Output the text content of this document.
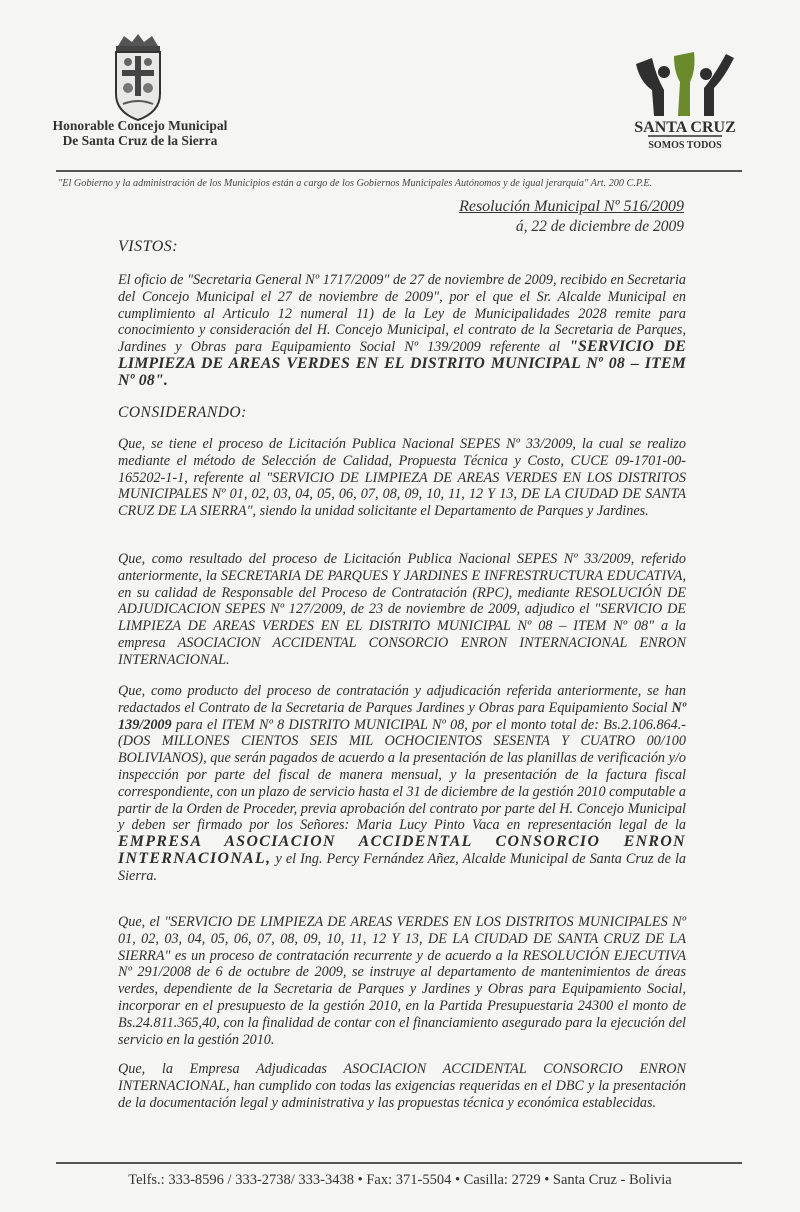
Honorable Concejo Municipal
De Santa Cruz de la Sierra
SANTA CRUZ
SOMOS TODOS
"El Gobierno y la administración de los Municipios están a cargo de los Gobiernos Municipales Autónomos y de igual jerarquía" Art. 200 C.P.E.
Resolución Municipal Nº 516/2009
á, 22 de diciembre de 2009
VISTOS:
El oficio de "Secretaria General Nº 1717/2009" de 27 de noviembre de 2009, recibido en Secretaria del Concejo Municipal el 27 de noviembre de 2009", por el que el Sr. Alcalde Municipal en cumplimiento al Articulo 12 numeral 11) de la Ley de Municipalidades 2028 remite para conocimiento y consideración del H. Concejo Municipal, el contrato de la Secretaria de Parques, Jardines y Obras para Equipamiento Social Nº 139/2009 referente al "SERVICIO DE LIMPIEZA DE AREAS VERDES EN EL DISTRITO MUNICIPAL Nº 08 – ITEM Nº 08".
CONSIDERANDO:
Que, se tiene el proceso de Licitación Publica Nacional SEPES Nº 33/2009, la cual se realizo mediante el método de Selección de Calidad, Propuesta Técnica y Costo, CUCE 09-1701-00-165202-1-1, referente al "SERVICIO DE LIMPIEZA DE AREAS VERDES EN LOS DISTRITOS MUNICIPALES Nº 01, 02, 03, 04, 05, 06, 07, 08, 09, 10, 11, 12 Y 13, DE LA CIUDAD DE SANTA CRUZ DE LA SIERRA", siendo la unidad solicitante el Departamento de Parques y Jardines.
Que, como resultado del proceso de Licitación Publica Nacional SEPES Nº 33/2009, referido anteriormente, la SECRETARIA DE PARQUES Y JARDINES E INFRESTRUCTURA EDUCATIVA, en su calidad de Responsable del Proceso de Contratación (RPC), mediante RESOLUCIÓN DE ADJUDICACION SEPES Nº 127/2009, de 23 de noviembre de 2009, adjudico el "SERVICIO DE LIMPIEZA DE AREAS VERDES EN EL DISTRITO MUNICIPAL Nº 08 – ITEM Nº 08" a la empresa ASOCIACION ACCIDENTAL CONSORCIO ENRON INTERNACIONAL ENRON INTERNACIONAL.
Que, como producto del proceso de contratación y adjudicación referida anteriormente, se han redactados el Contrato de la Secretaria de Parques Jardines y Obras para Equipamiento Social Nº 139/2009 para el ITEM Nº 8 DISTRITO MUNICIPAL Nº 08, por el monto total de: Bs.2.106.864.-(DOS MILLONES CIENTOS SEIS MIL OCHOCIENTOS SESENTA Y CUATRO 00/100 BOLIVIANOS), que serán pagados de acuerdo a la presentación de las planillas de verificación y/o inspección por parte del fiscal de manera mensual, y la presentación de la factura fiscal correspondiente, con un plazo de servicio hasta el 31 de diciembre de la gestión 2010 computable a partir de la Orden de Proceder, previa aprobación del contrato por parte del H. Concejo Municipal y deben ser firmado por los Señores: Maria Lucy Pinto Vaca en representación legal de la EMPRESA ASOCIACION ACCIDENTAL CONSORCIO ENRON INTERNACIONAL, y el Ing. Percy Fernández Añez, Alcalde Municipal de Santa Cruz de la Sierra.
Que, el "SERVICIO DE LIMPIEZA DE AREAS VERDES EN LOS DISTRITOS MUNICIPALES Nº 01, 02, 03, 04, 05, 06, 07, 08, 09, 10, 11, 12 Y 13, DE LA CIUDAD DE SANTA CRUZ DE LA SIERRA" es un proceso de contratación recurrente y de acuerdo a la RESOLUCIÓN EJECUTIVA Nº 291/2008 de 6 de octubre de 2009, se instruye al departamento de mantenimientos de áreas verdes, dependiente de la Secretaria de Parques y Jardines y Obras para Equipamiento Social, incorporar en el presupuesto de la gestión 2010, en la Partida Presupuestaria 24300 el monto de Bs.24.811.365,40, con la finalidad de contar con el financiamiento asegurado para la ejecución del servicio en la gestión 2010.
Que, la Empresa Adjudicadas ASOCIACION ACCIDENTAL CONSORCIO ENRON INTERNACIONAL, han cumplido con todas las exigencias requeridas en el DBC y la presentación de la documentación legal y administrativa y las propuestas técnica y económica establecidas.
Telfs.: 333-8596 / 333-2738/ 333-3438 • Fax: 371-5504 • Casilla: 2729 • Santa Cruz - Bolivia
